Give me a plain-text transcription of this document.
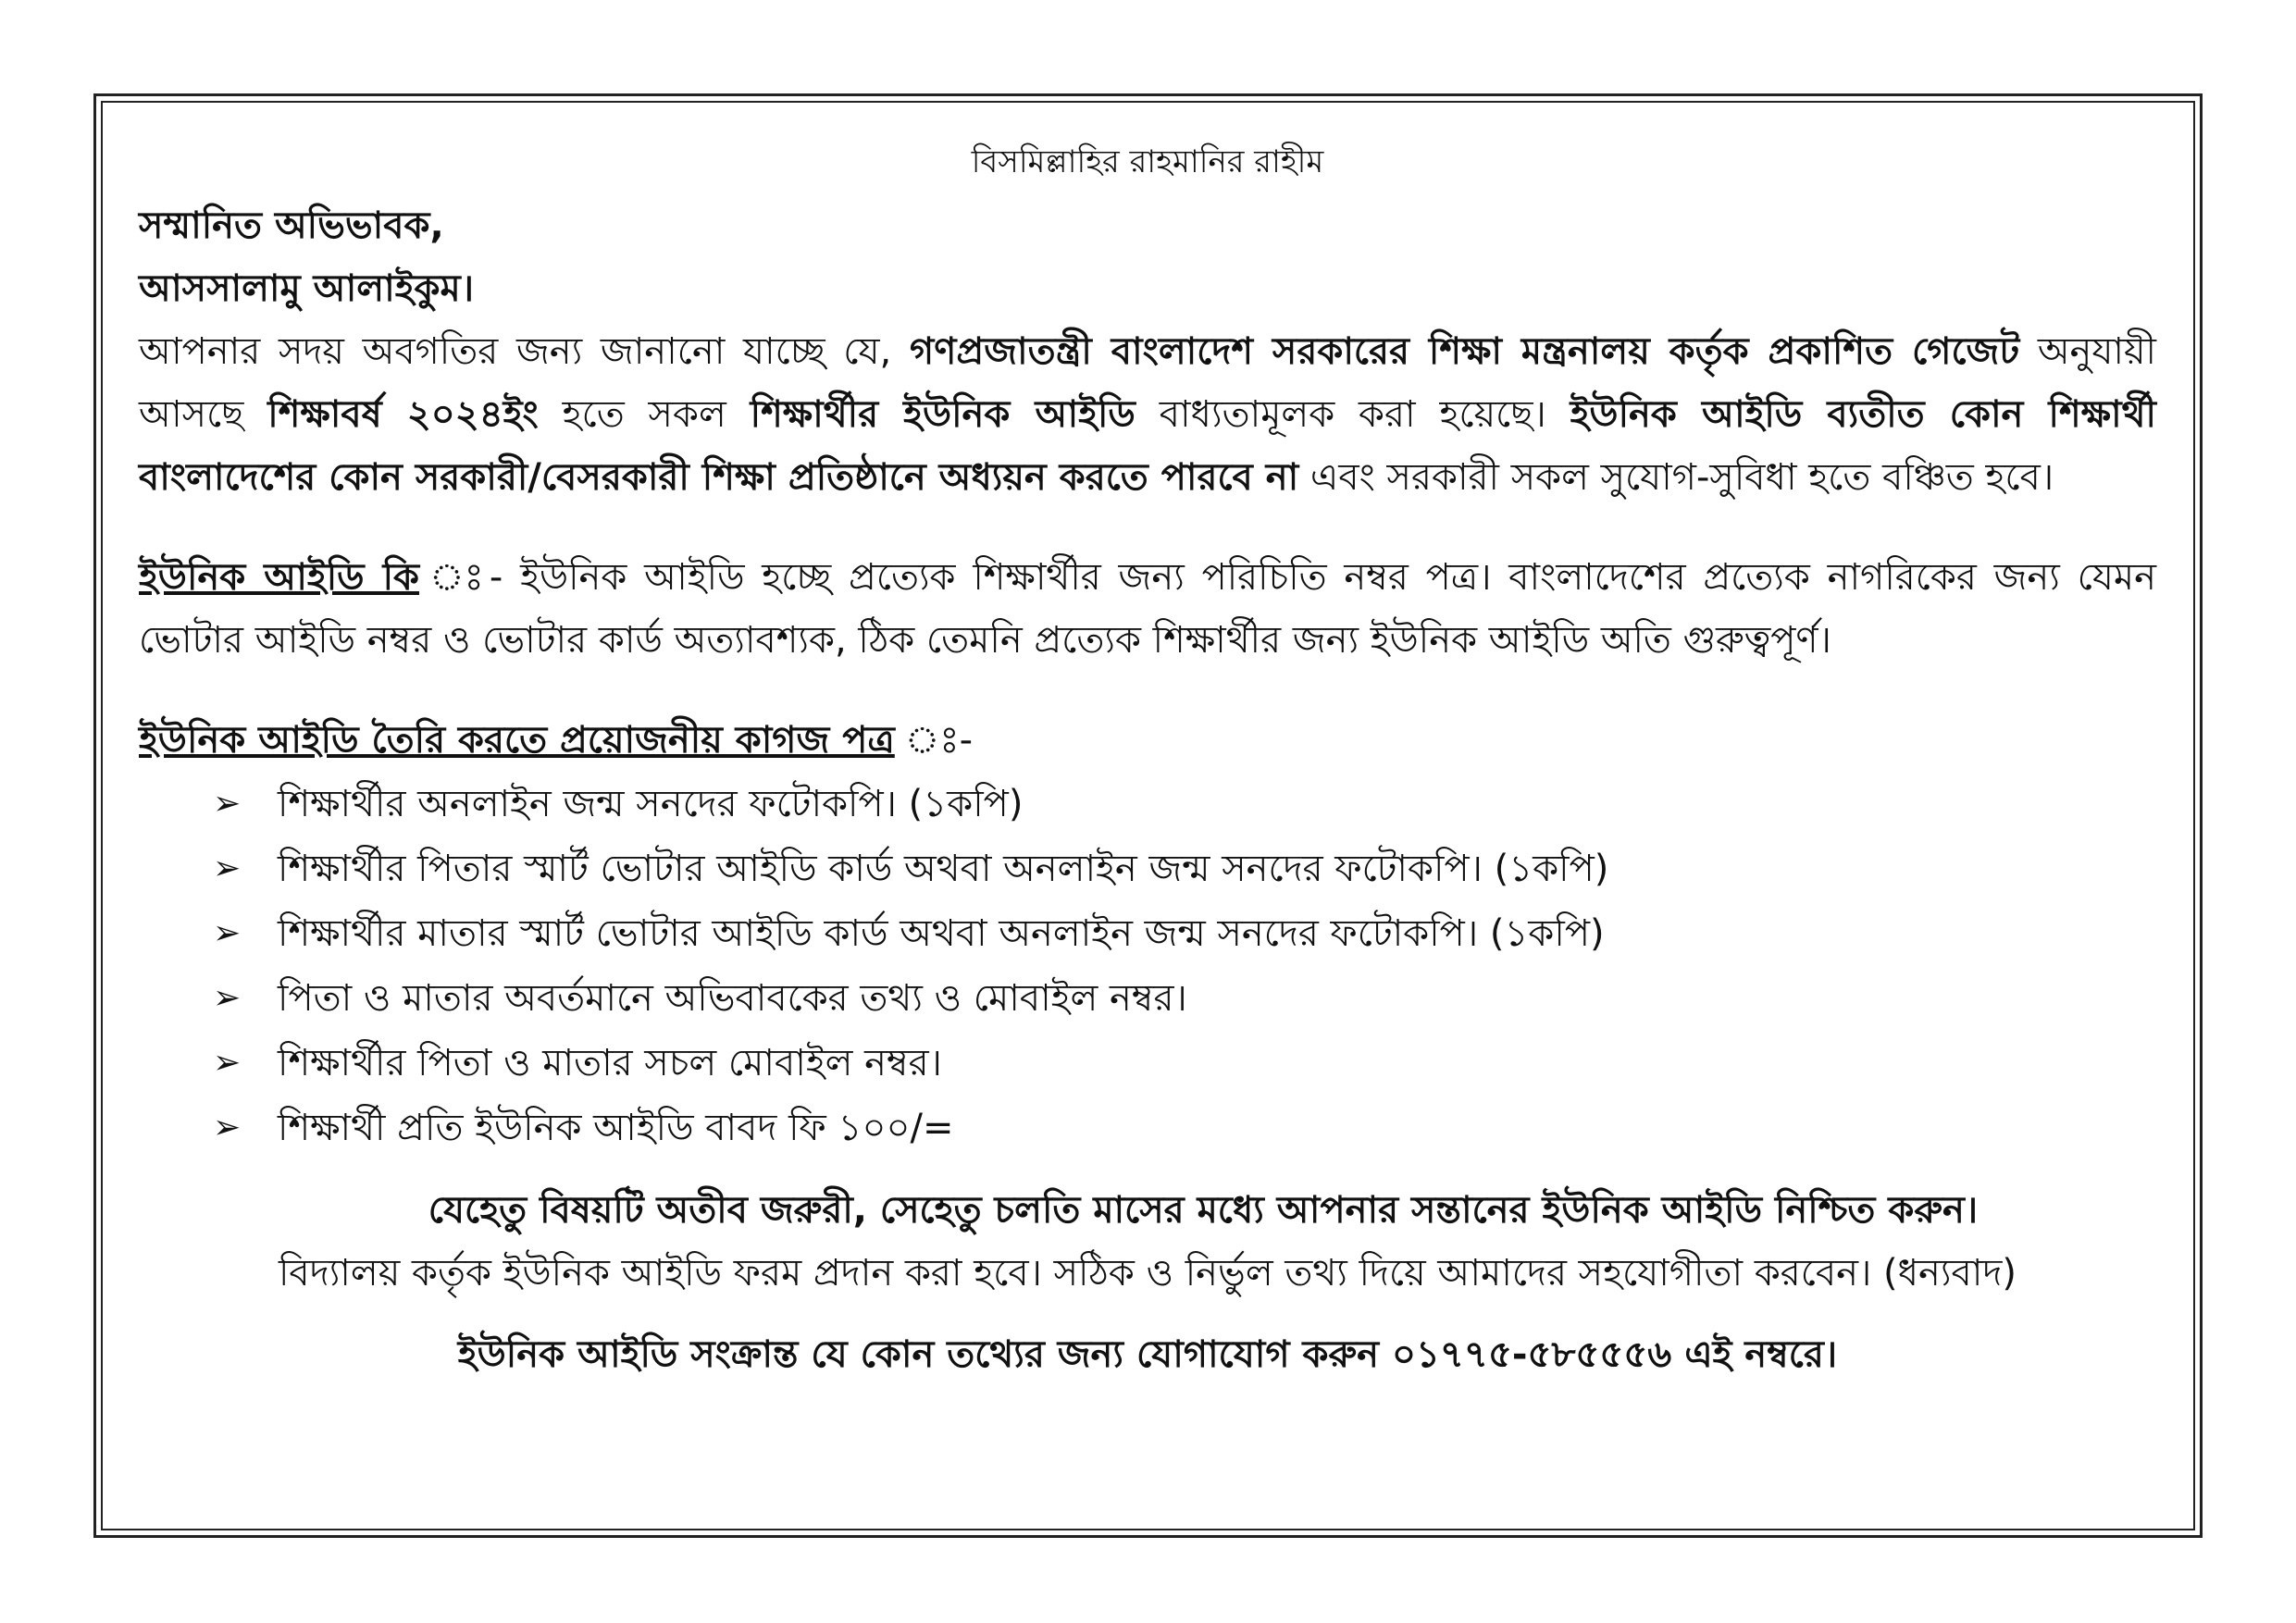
বিসমিল্লাহির রাহমানির রাহীম

সম্মানিত অভিভাবক,

আসসালামু আলাইকুম।

আপনার সদয় অবগতির জন্য জানানো যাচ্ছে যে, গণপ্রজাতন্ত্রী বাংলাদেশ সরকারের শিক্ষা মন্ত্রনালয় কর্তৃক প্রকাশিত গেজেট অনুযায়ী আসছে শিক্ষাবর্ষ ২০২৪ইং হতে সকল শিক্ষার্থীর ইউনিক আইডি বাধ্যতামূলক করা হয়েছে। ইউনিক আইডি ব্যতীত কোন শিক্ষার্থী বাংলাদেশের কোন সরকারী/বেসরকারী শিক্ষা প্রতিষ্ঠানে অধ্যয়ন করতে পারবে না এবং সরকারী সকল সুযোগ-সুবিধা হতে বঞ্চিত হবে।

ইউনিক আইডি কি ঃ- ইউনিক আইডি হচ্ছে প্রত্যেক শিক্ষার্থীর জন্য পরিচিতি নম্বর পত্র। বাংলাদেশের প্রত্যেক নাগরিকের জন্য যেমন ভোটার আইডি নম্বর ও ভোটার কার্ড অত্যাবশ্যক, ঠিক তেমনি প্রত্যেক শিক্ষার্থীর জন্য ইউনিক আইডি অতি গুরুত্বপূর্ণ।

ইউনিক আইডি তৈরি করতে প্রয়োজনীয় কাগজ পত্র ঃ-

➢ শিক্ষার্থীর অনলাইন জন্ম সনদের ফটোকপি। (১কপি)
➢ শিক্ষার্থীর পিতার স্মার্ট ভোটার আইডি কার্ড অথবা অনলাইন জন্ম সনদের ফটোকপি। (১কপি)
➢ শিক্ষার্থীর মাতার স্মার্ট ভোটার আইডি কার্ড অথবা অনলাইন জন্ম সনদের ফটোকপি। (১কপি)
➢ পিতা ও মাতার অবর্তমানে অভিবাবকের তথ্য ও মোবাইল নম্বর।
➢ শিক্ষার্থীর পিতা ও মাতার সচল মোবাইল নম্বর।
➢ শিক্ষার্থী প্রতি ইউনিক আইডি বাবদ ফি ১০০/=

যেহেতু বিষয়টি অতীব জরুরী, সেহেতু চলতি মাসের মধ্যে আপনার সন্তানের ইউনিক আইডি নিশ্চিত করুন।

বিদ্যালয় কর্তৃক ইউনিক আইডি ফরম প্রদান করা হবে। সঠিক ও নির্ভুল তথ্য দিয়ে আমাদের সহযোগীতা করবেন। (ধন্যবাদ)

ইউনিক আইডি সংক্রান্ত যে কোন তথ্যের জন্য যোগাযোগ করুন ০১৭৭৫-৫৮৫৫৫৬ এই নম্বরে।
